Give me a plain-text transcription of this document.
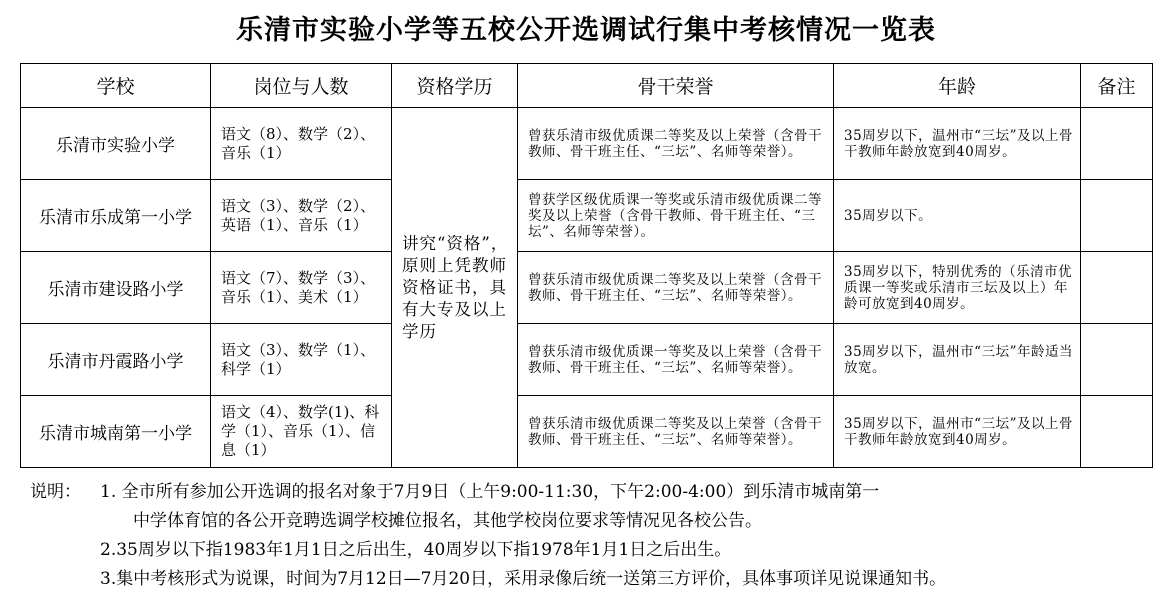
乐清市实验小学等五校公开选调试行集中考核情况一览表
学校	岗位与人数	资格学历	骨干荣誉	年龄	备注
乐清市实验小学	语文（8）、数学（2）、音乐（1）	讲究“资格”，原则上凭教师资格证书，具有大专及以上学历	曾获乐清市级优质课二等奖及以上荣誉（含骨干教师、骨干班主任、“三坛”、名师等荣誉）。	35周岁以下，温州市“三坛”及以上骨干教师年龄放宽到40周岁。	
乐清市乐成第一小学	语文（3）、数学（2）、英语（1）、音乐（1）		曾获学区级优质课一等奖或乐清市级优质课二等奖及以上荣誉（含骨干教师、骨干班主任、“三坛”、名师等荣誉）。	35周岁以下。	
乐清市建设路小学	语文（7）、数学（3）、音乐（1）、美术（1）		曾获乐清市级优质课二等奖及以上荣誉（含骨干教师、骨干班主任、“三坛”、名师等荣誉）。	35周岁以下，特别优秀的（乐清市优质课一等奖或乐清市三坛及以上）年龄可放宽到40周岁。	
乐清市丹霞路小学	语文（3）、数学（1）、科学（1）		曾获乐清市级优质课一等奖及以上荣誉（含骨干教师、骨干班主任、“三坛”、名师等荣誉）。	35周岁以下，温州市“三坛”年龄适当放宽。	
乐清市城南第一小学	语文（4）、数学(1)、科学（1）、音乐（1）、信息（1）		曾获乐清市级优质课二等奖及以上荣誉（含骨干教师、骨干班主任、“三坛”、名师等荣誉）。	35周岁以下，温州市“三坛”及以上骨干教师年龄放宽到40周岁。	
说明： 1. 全市所有参加公开选调的报名对象于7月9日（上午9:00-11:30，下午2:00-4:00）到乐清市城南第一
中学体育馆的各公开竞聘选调学校摊位报名，其他学校岗位要求等情况见各校公告。
2.35周岁以下指1983年1月1日之后出生，40周岁以下指1978年1月1日之后出生。
3.集中考核形式为说课，时间为7月12日—7月20日，采用录像后统一送第三方评价，具体事项详见说课通知书。
